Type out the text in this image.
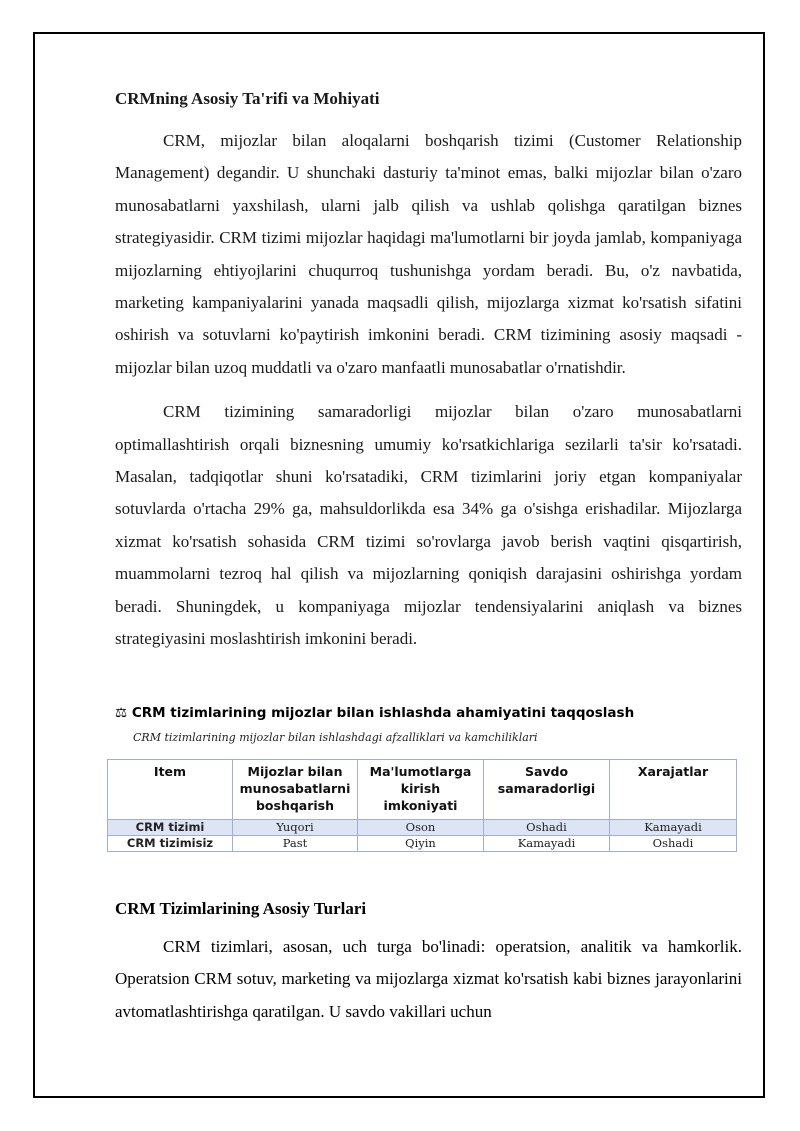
CRMning Asosiy Ta'rifi va Mohiyati

CRM, mijozlar bilan aloqalarni boshqarish tizimi (Customer Relationship Management) degandir. U shunchaki dasturiy ta'minot emas, balki mijozlar bilan o'zaro munosabatlarni yaxshilash, ularni jalb qilish va ushlab qolishga qaratilgan biznes strategiyasidir. CRM tizimi mijozlar haqidagi ma'lumotlarni bir joyda jamlab, kompaniyaga mijozlarning ehtiyojlarini chuqurroq tushunishga yordam beradi. Bu, o'z navbatida, marketing kampaniyalarini yanada maqsadli qilish, mijozlarga xizmat ko'rsatish sifatini oshirish va sotuvlarni ko'paytirish imkonini beradi. CRM tizimining asosiy maqsadi - mijozlar bilan uzoq muddatli va o'zaro manfaatli munosabatlar o'rnatishdir.

CRM tizimining samaradorligi mijozlar bilan o'zaro munosabatlarni optimallashtirish orqali biznesning umumiy ko'rsatkichlariga sezilarli ta'sir ko'rsatadi. Masalan, tadqiqotlar shuni ko'rsatadiki, CRM tizimlarini joriy etgan kompaniyalar sotuvlarda o'rtacha 29% ga, mahsuldorlikda esa 34% ga o'sishga erishadilar. Mijozlarga xizmat ko'rsatish sohasida CRM tizimi so'rovlarga javob berish vaqtini qisqartirish, muammolarni tezroq hal qilish va mijozlarning qoniqish darajasini oshirishga yordam beradi. Shuningdek, u kompaniyaga mijozlar tendensiyalarini aniqlash va biznes strategiyasini moslashtirish imkonini beradi.

⚖ CRM tizimlarining mijozlar bilan ishlashda ahamiyatini taqqoslash

CRM tizimlarining mijozlar bilan ishlashdagi afzalliklari va kamchiliklari

Item	Mijozlar bilan munosabatlarni boshqarish	Ma'lumotlarga kirish imkoniyati	Savdo samaradorligi	Xarajatlar
CRM tizimi	Yuqori	Oson	Oshadi	Kamayadi
CRM tizimisiz	Past	Qiyin	Kamayadi	Oshadi
CRM Tizimlarining Asosiy Turlari

CRM tizimlari, asosan, uch turga bo'linadi: operatsion, analitik va hamkorlik. Operatsion CRM sotuv, marketing va mijozlarga xizmat ko'rsatish kabi biznes jarayonlarini avtomatlashtirishga qaratilgan. U savdo vakillari uchun
